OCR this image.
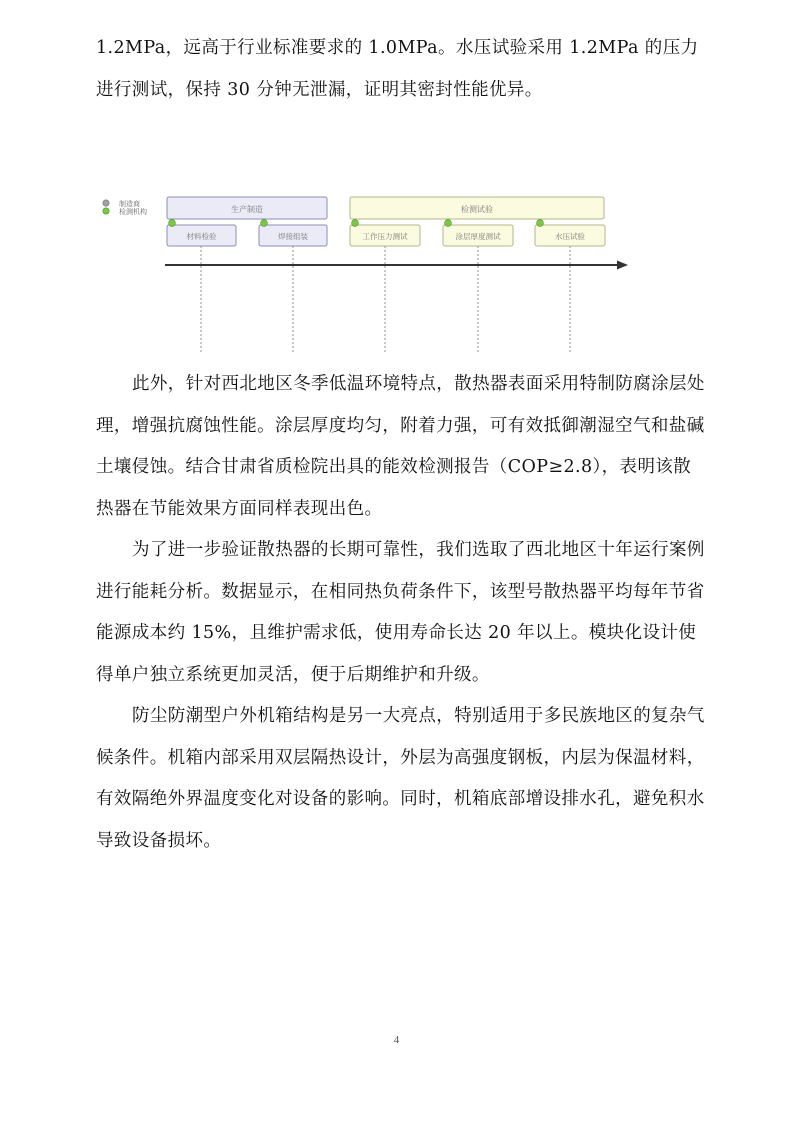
1.2MPa，远高于行业标准要求的 1.0MPa。水压试验采用 1.2MPa 的压力进行测试，保持 30 分钟无泄漏，证明其密封性能优异。

制造商
检测机构	生产制造	检测试验
材料检验	焊接组装	工作压力测试	涂层厚度测试	水压试验

此外，针对西北地区冬季低温环境特点，散热器表面采用特制防腐涂层处理，增强抗腐蚀性能。涂层厚度均匀，附着力强，可有效抵御潮湿空气和盐碱土壤侵蚀。结合甘肃省质检院出具的能效检测报告（COP≥2.8），表明该散热器在节能效果方面同样表现出色。

为了进一步验证散热器的长期可靠性，我们选取了西北地区十年运行案例进行能耗分析。数据显示，在相同热负荷条件下，该型号散热器平均每年节省能源成本约 15%，且维护需求低，使用寿命长达 20 年以上。模块化设计使得单户独立系统更加灵活，便于后期维护和升级。

防尘防潮型户外机箱结构是另一大亮点，特别适用于多民族地区的复杂气候条件。机箱内部采用双层隔热设计，外层为高强度钢板，内层为保温材料，有效隔绝外界温度变化对设备的影响。同时，机箱底部增设排水孔，避免积水导致设备损坏。

4
